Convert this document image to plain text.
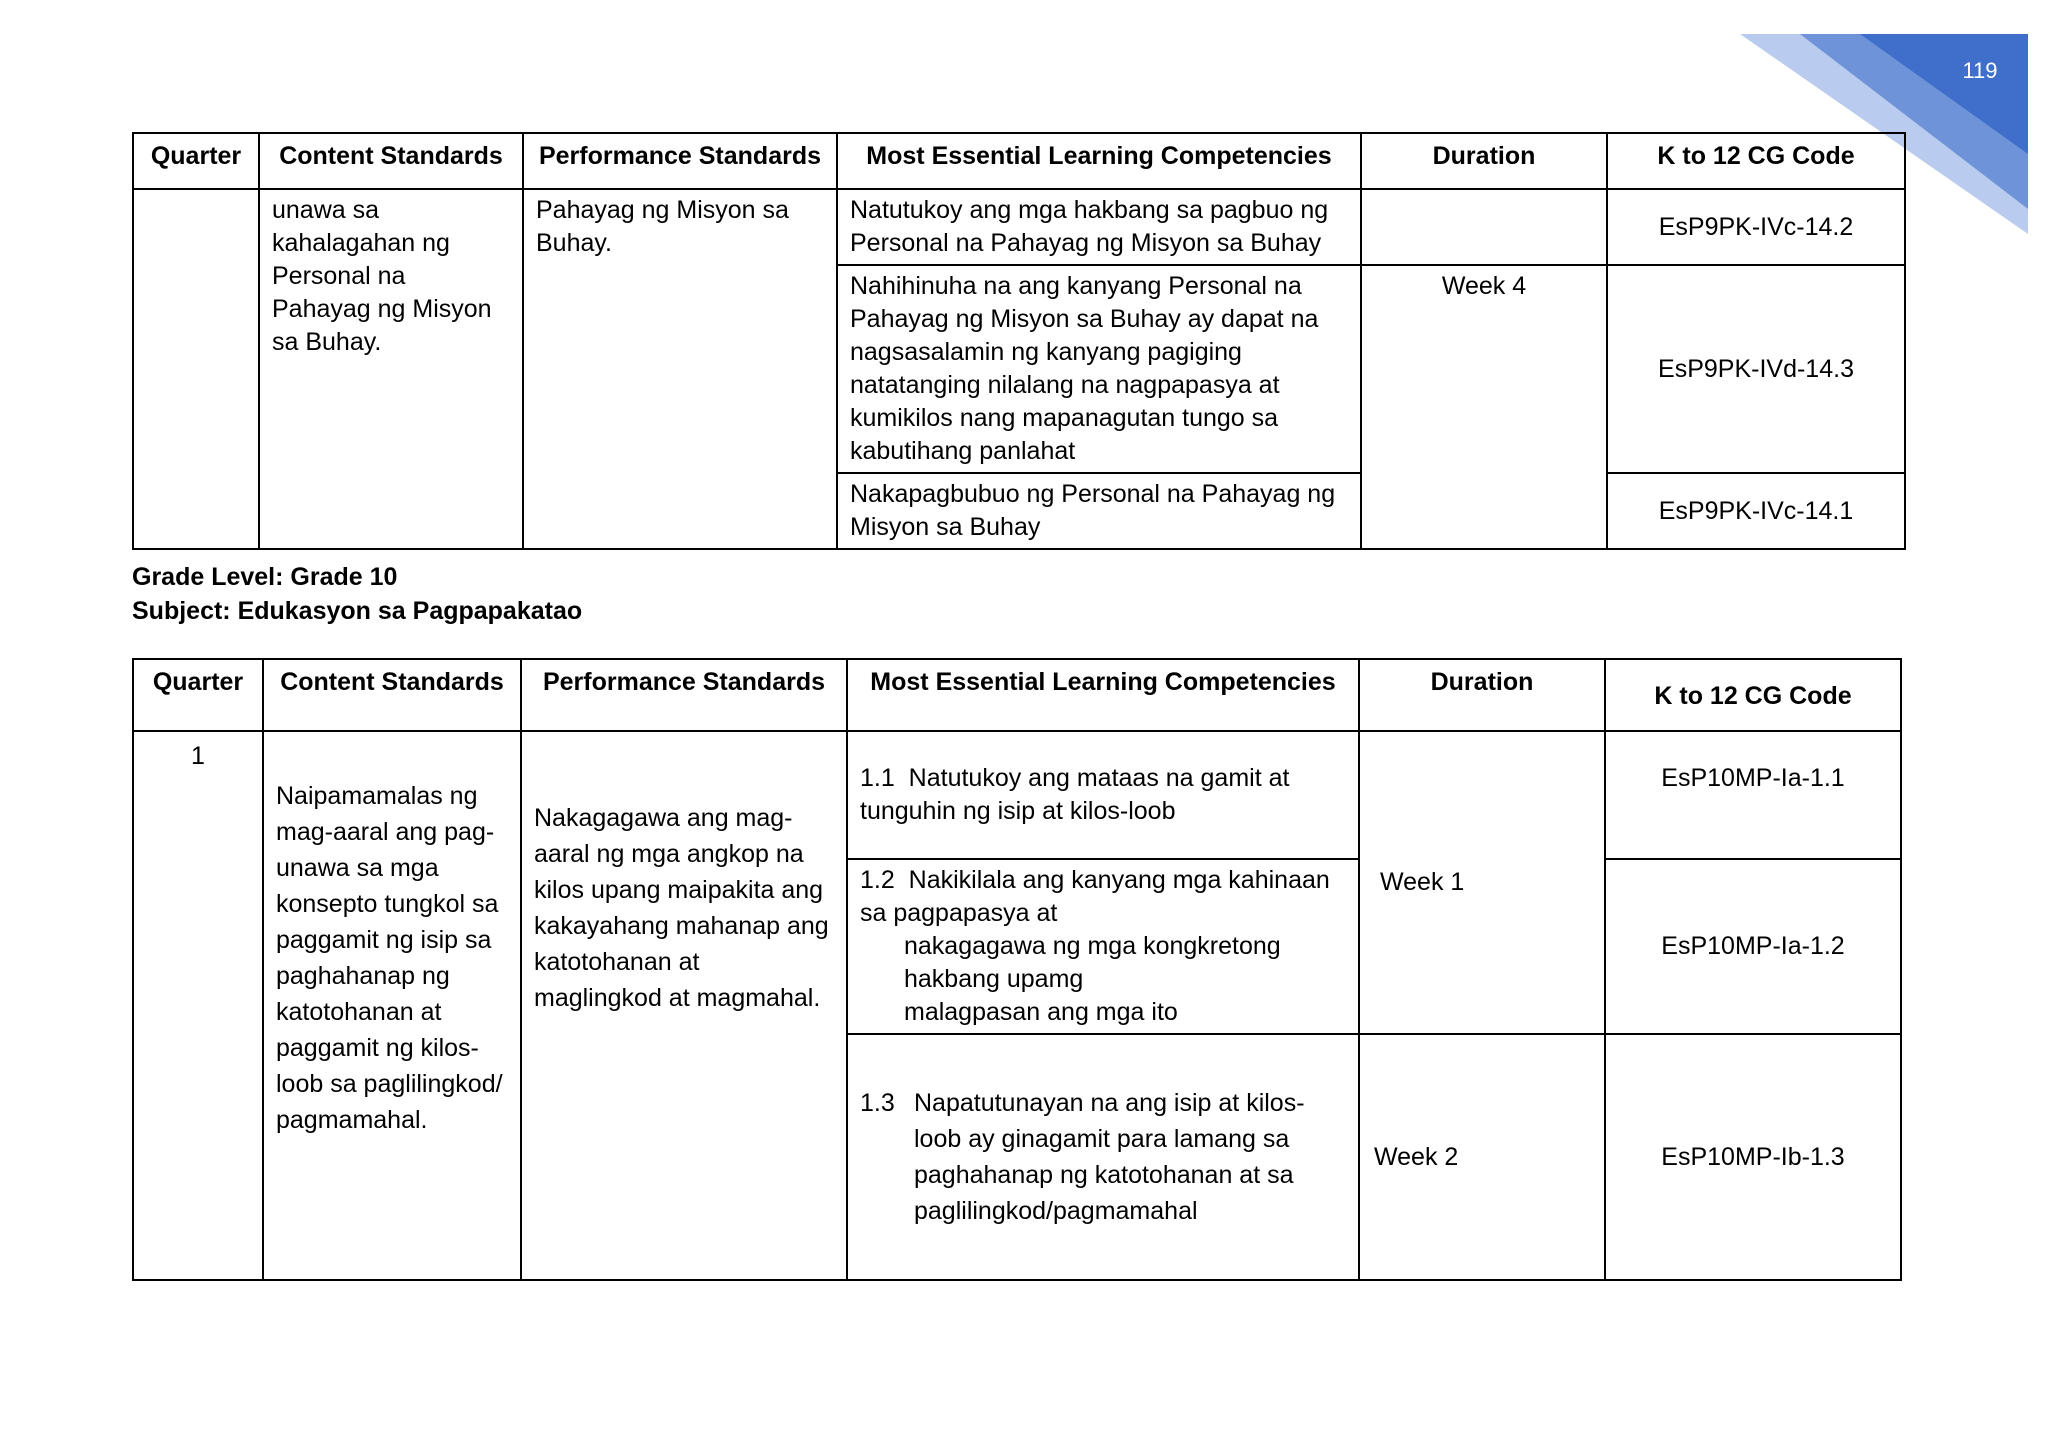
119
Quarter	Content Standards	Performance Standards	Most Essential Learning Competencies	Duration	K to 12 CG Code
	unawa sa kahalagahan ng Personal na Pahayag ng Misyon sa Buhay.	Pahayag ng Misyon sa Buhay.	Natutukoy ang mga hakbang sa pagbuo ng Personal na Pahayag ng Misyon sa Buhay		EsP9PK-IVc-14.2
			Nahihinuha na ang kanyang Personal na Pahayag ng Misyon sa Buhay ay dapat na nagsasalamin ng kanyang pagiging natatanging nilalang na nagpapasya at kumikilos nang mapanagutan tungo sa kabutihang panlahat	Week 4	EsP9PK-IVd-14.3
			Nakapagbubuo ng Personal na Pahayag ng Misyon sa Buhay		EsP9PK-IVc-14.1
Grade Level: Grade 10
Subject: Edukasyon sa Pagpapakatao
Quarter	Content Standards	Performance Standards	Most Essential Learning Competencies	Duration	K to 12 CG Code
1	Naipamamalas ng mag-aaral ang pag-unawa sa mga konsepto tungkol sa paggamit ng isip sa paghahanap ng katotohanan at paggamit ng kilos-loob sa paglilingkod/ pagmamahal.	Nakagagawa ang mag-aaral ng mga angkop na kilos upang maipakita ang kakayahang mahanap ang katotohanan at maglingkod at magmahal.	1.1 Natutukoy ang mataas na gamit at tunguhin ng isip at kilos-loob	Week 1	EsP10MP-Ia-1.1
			1.2 Nakikilala ang kanyang mga kahinaan sa pagpapasya at
nakagagawa ng mga kongkretong hakbang upamg
malagpasan ang mga ito		EsP10MP-Ia-1.2

			1.3 Napatutunayan na ang isip at kilos-loob ay ginagamit para lamang sa paghahanap ng katotohanan at sa paglilingkod/pagmamahal	Week 2	EsP10MP-Ib-1.3
